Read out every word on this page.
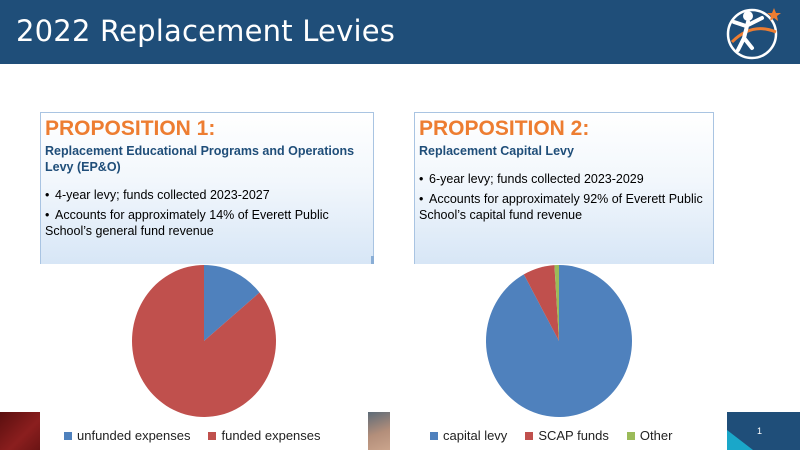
2022 Replacement Levies
PROPOSITION 1:
Replacement Educational Programs and Operations Levy (EP&O)
• 4-year levy; funds collected 2023-2027
• Accounts for approximately 14% of Everett Public School’s general fund revenue
PROPOSITION 2:
Replacement Capital Levy
• 6-year levy; funds collected 2023-2029
• Accounts for approximately 92% of Everett Public School’s capital fund revenue
unfunded expenses funded expenses	capital levy SCAP funds Other	1
